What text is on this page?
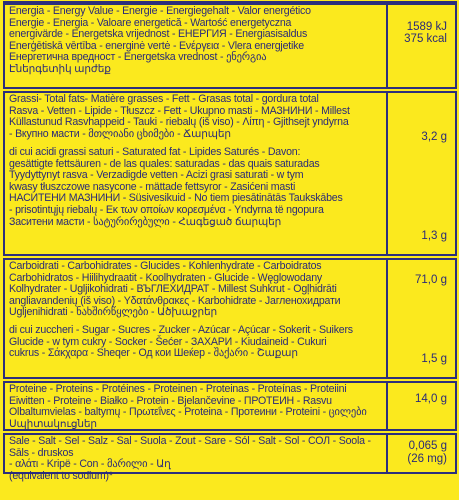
Energia - Energy Value - Energie - Energiegehalt - Valor energético
Energie - Energia - Valoare energetică - Wartość energetyczna
energivärde - Energetska vrijednost - ЕНЕРГИЯ - Energiasisaldus
Enerģētiskā vērtība - energinė vertė - Ενέργεια - Vlera energjetike
Енергетична вредност - Energetska vrednost - ენერგია
Էներգետիկ արժեք
1589 kJ
375 kcal
Grassi- Total fats- Matière grasses - Fett - Grasas total - gordura total
Rasva - Vetten - Lipide - Tłuszcz - Fett - Ukupno masti - МАЗНИНИ - Millest
Küllastunud Rasvhappeid - Tauki - riebalų (iš viso) - Λίπη - Gjithsejt yndyrna
- Вкупно масти - მთლიანი ცხიმები - Ճարպեր	3,2 g
di cui acidi grassi saturi - Saturated fat - Lipides Saturés - Davon:
gesättigte fettsäuren - de las quales: saturadas - das quais saturadas
Tyydyttynyt rasva - Verzadigde vetten - Acizi grasi saturati - w tym
kwasy tłuszczowe nasycone - mättade fettsyror - Zasićeni masti
НАСИТЕНИ МАЗНИНИ - Süsivesikuid - No tiem piesātinātās Taukskābes
- prisotintųjų riebalų - Εκ των οποίων κορεσμένα - Yndyrna të ngopura
Заситени масти - სატურირებული - Հագեցած ճարպեր
1,3 g
Carboidrati - Carbohidrates - Glucides - Kohlenhydrate - Carboidratos
Carbohidratos - Hiilihydraatit - Koolhydraten - Glucide - Węglowodany
Kolhydrater - Ugljikohidrati - ВЪГЛЕХИДРАТ - Millest Suhkrut - Ogļhidrāti
angliavandenių (iš viso) - Υδατάνθρακες - Karbohidrate - Јагленохидрати
Ugljenihidrati - ნახშირწყლები - Ածխաջրեր
71,0 g
di cui zuccheri - Sugar - Sucres - Zucker - Azúcar - Açúcar - Sokerit - Suikers
Glucide - w tym cukry - Socker - Šećer - ЗАХАРИ - Kiudaineid - Cukuri
cukrus - Σάκχαρα - Sheqer - Од кои Шеќер - შაქარი - Շաքար	1,5 g
Proteine - Proteins - Protéines - Proteinen - Proteinas - Proteínas - Proteiini
Eiwitten - Proteine - Białko - Protein - Bjelančevine - ПРОТЕИН - Rasvu
Olbaltumvielas - baltymų - Πρωτεΐνες - Proteina - Протеини - Proteini - ცილები
Սպիտակուցներ
14,0 g
Sale - Salt - Sel - Salz - Sal - Suola - Zout - Sare - Sól - Salt - Sol - СОЛ - Soola - Sāls - druskos
- αλάτι - Kripë - Con - მარილი - Աղ
(equivalent to sodium)*
0,065 g
(26 mg)
